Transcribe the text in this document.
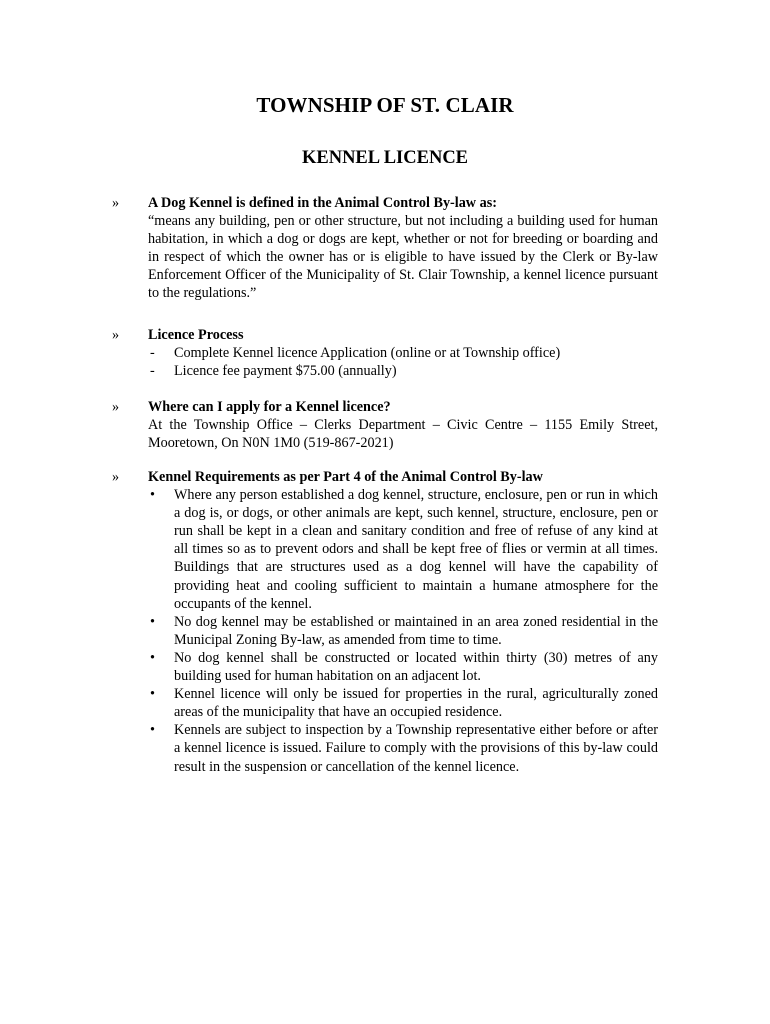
TOWNSHIP OF ST. CLAIR
KENNEL LICENCE
»	A Dog Kennel is defined in the Animal Control By-law as:
“means any building, pen or other structure, but not including a building used for human habitation, in which a dog or dogs are kept, whether or not for breeding or boarding and in respect of which the owner has or is eligible to have issued by the Clerk or By-law Enforcement Officer of the Municipality of St. Clair Township, a kennel licence pursuant to the regulations.”
»	Licence Process
- Complete Kennel licence Application (online or at Township office)
- Licence fee payment $75.00 (annually)
»	Where can I apply for a Kennel licence?
At the Township Office – Clerks Department – Civic Centre – 1155 Emily Street, Mooretown, On N0N 1M0 (519-867-2021)
»	Kennel Requirements as per Part 4 of the Animal Control By-law
• Where any person established a dog kennel, structure, enclosure, pen or run in which a dog is, or dogs, or other animals are kept, such kennel, structure, enclosure, pen or run shall be kept in a clean and sanitary condition and free of refuse of any kind at all times so as to prevent odors and shall be kept free of flies or vermin at all times. Buildings that are structures used as a dog kennel will have the capability of providing heat and cooling sufficient to maintain a humane atmosphere for the occupants of the kennel.
• No dog kennel may be established or maintained in an area zoned residential in the Municipal Zoning By-law, as amended from time to time.
• No dog kennel shall be constructed or located within thirty (30) metres of any building used for human habitation on an adjacent lot.
• Kennel licence will only be issued for properties in the rural, agriculturally zoned areas of the municipality that have an occupied residence.
• Kennels are subject to inspection by a Township representative either before or after a kennel licence is issued. Failure to comply with the provisions of this by-law could result in the suspension or cancellation of the kennel licence.
